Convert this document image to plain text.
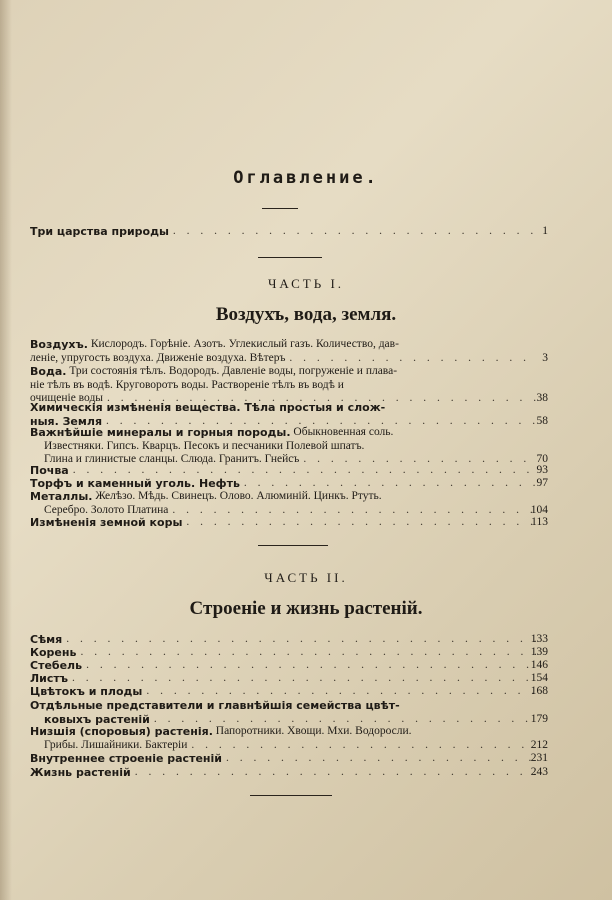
Оглавлениe.
Три царства природы . . .	1
ЧАСТЬ I.
Воздухъ, вода, земля.
Воздухъ.
Кислородъ. Горѣніе. Азотъ. Углекислый газъ. Количество, дав-
леніе, упругость воздуха. Движеніе воздуха. Вѣтеръ . . .	3
Вода.
Три состоянія тѣлъ. Водородъ. Давленіе воды, погруженіе и плава-
ніе тѣлъ въ водѣ. Круговоротъ воды. Раствореніе тѣлъ въ водѣ и
очищеніе воды . . .	38
Химическія измѣненія вещества. Тѣла простыя и слож-
ныя. Земля . . .	58
Важнѣйшіе минералы и горныя породы.
Обыкновенная соль.
Известняки. Гипсъ. Кварцъ. Песокъ и песчаники Полевой шпатъ.
Глина и глинистые сланцы. Слюда. Гранитъ. Гнейсъ . . .	70
Почва . . .	93
Торфъ и каменный уголь. Нефть . . .	97
Металлы.
Желѣзо. Мѣдь. Свинецъ. Олово. Алюминій. Цинкъ. Ртуть.
Серебро. Золото Платина . . .	104
Измѣненія земной коры . . .	113
ЧАСТЬ II.
Строеніе и жизнь растеній.
Сѣмя . . .	133
Корень . . .	139
Стебель . . .	146
Листъ . . .	154
Цвѣтокъ и плоды . . .	168
Отдѣльные представители и главнѣйшія семейства цвѣт-
ковыхъ растеній . . .	179
Низшія (споровыя) растенія.
Папоротники. Хвощи. Мхи. Водоросли.
Грибы. Лишайники. Бактеріи . . .	212
Внутреннее строеніе растеній . . .	231
Жизнь растеній . . .	243
